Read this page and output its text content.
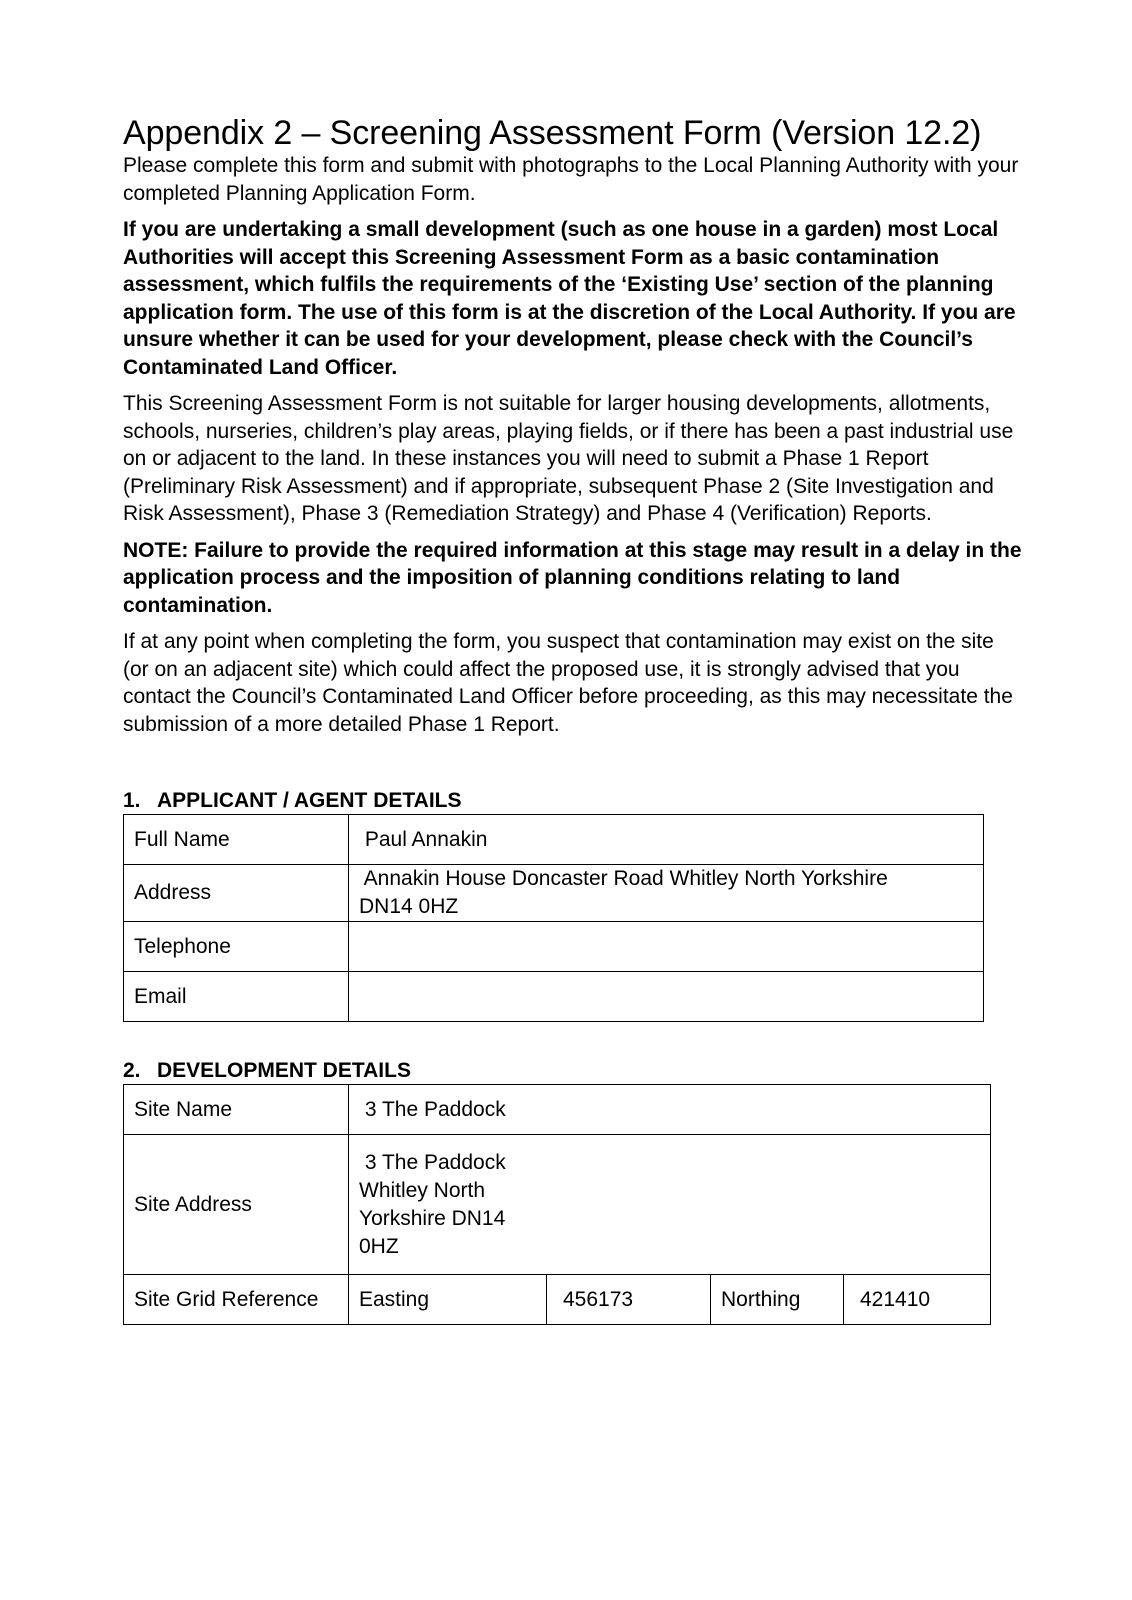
Appendix 2 – Screening Assessment Form (Version 12.2)

Please complete this form and submit with photographs to the Local Planning Authority with your completed Planning Application Form.

If you are undertaking a small development (such as one house in a garden) most Local Authorities will accept this Screening Assessment Form as a basic contamination assessment, which fulfils the requirements of the ‘Existing Use’ section of the planning application form. The use of this form is at the discretion of the Local Authority. If you are unsure whether it can be used for your development, please check with the Council’s Contaminated Land Officer.

This Screening Assessment Form is not suitable for larger housing developments, allotments, schools, nurseries, children’s play areas, playing fields, or if there has been a past industrial use on or adjacent to the land. In these instances you will need to submit a Phase 1 Report (Preliminary Risk Assessment) and if appropriate, subsequent Phase 2 (Site Investigation and Risk Assessment), Phase 3 (Remediation Strategy) and Phase 4 (Verification) Reports.

NOTE: Failure to provide the required information at this stage may result in a delay in the application process and the imposition of planning conditions relating to land contamination.

If at any point when completing the form, you suspect that contamination may exist on the site (or on an adjacent site) which could affect the proposed use, it is strongly advised that you contact the Council’s Contaminated Land Officer before proceeding, as this may necessitate the submission of a more detailed Phase 1 Report.

1. APPLICANT / AGENT DETAILS
Full Name	Paul Annakin
Address	Annakin House Doncaster Road Whitley North Yorkshire
DN14 0HZ

Telephone	
Email	
2. DEVELOPMENT DETAILS
Site Name	3 The Paddock			
Site Address	3 The Paddock
Whitley North
Yorkshire DN14
0HZ			

Site Grid Reference	Easting	456173	Northing	421410
